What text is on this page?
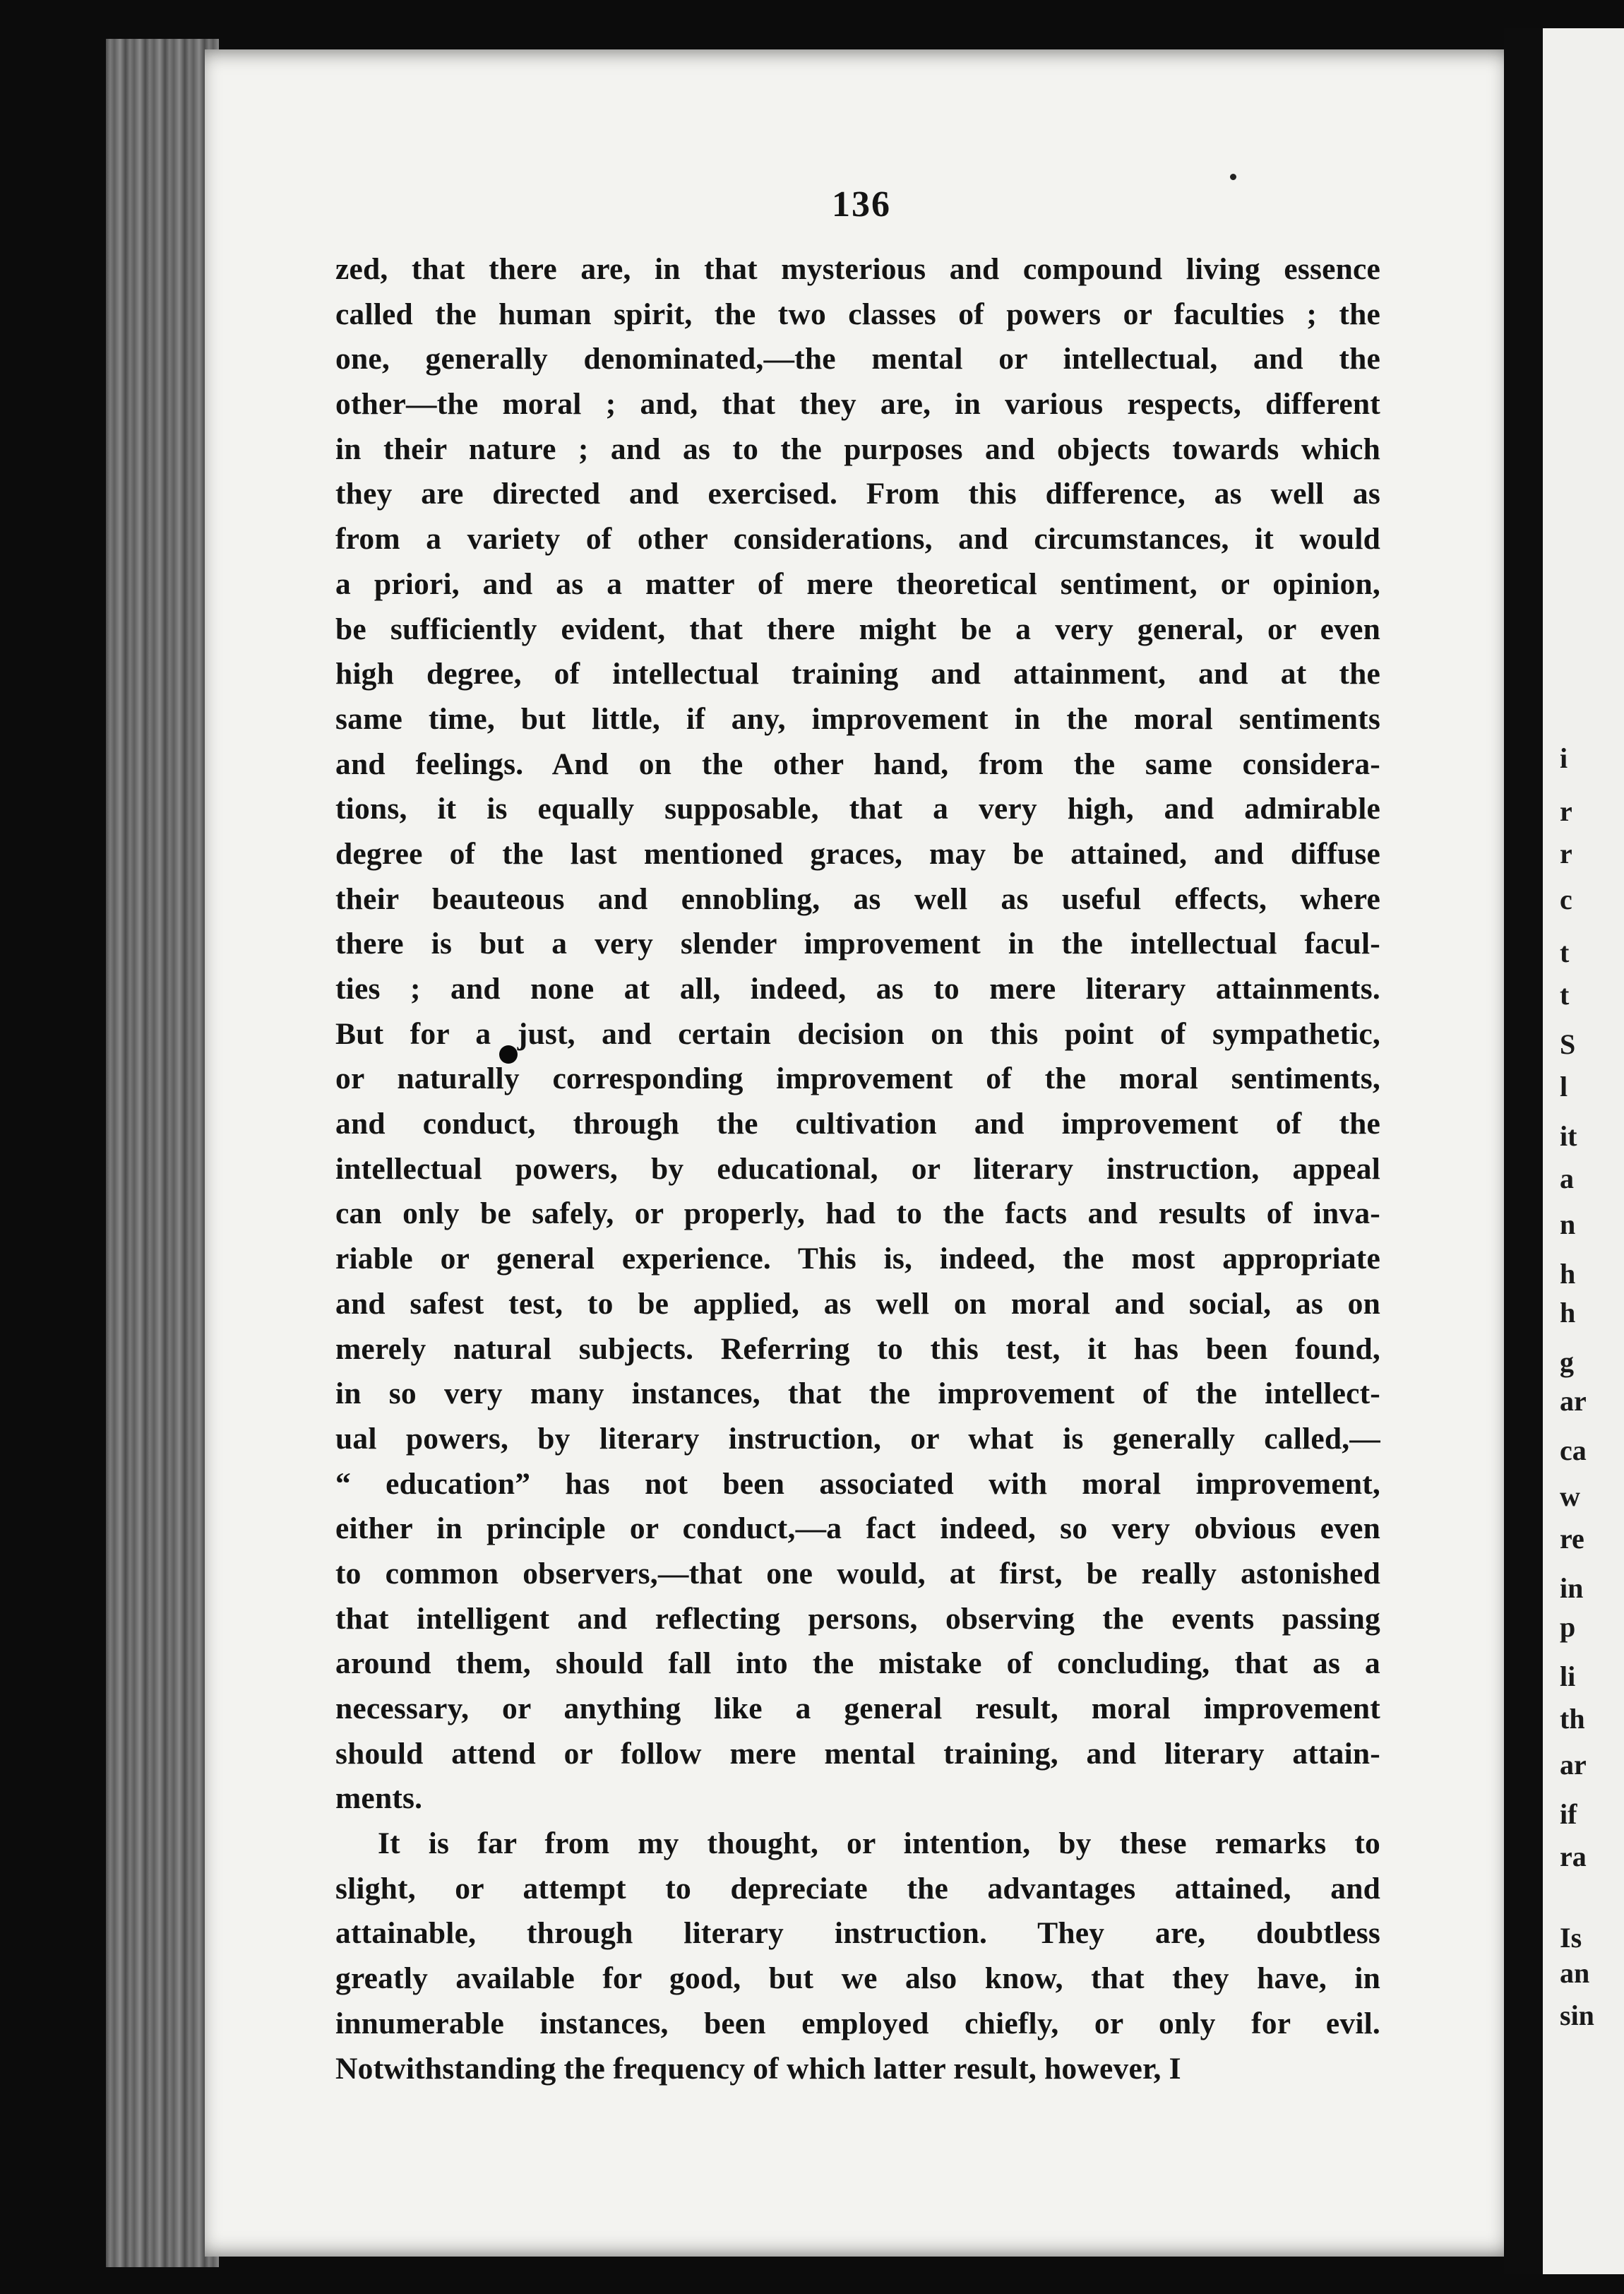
136
i
r
r
c
t
t
S
l
it
a
n
h
h
g
ar
ca
w
re
in
p
li
th
ar
if
ra
Is
an
sin
zed, that there are, in that mysterious and compound living essence
called the human spirit, the two classes of powers or faculties ; the
one, generally denominated,—the mental or intellectual, and the
other—the moral ; and, that they are, in various respects, different
in their nature ; and as to the purposes and objects towards which
they are directed and exercised. From this difference, as well as
from a variety of other considerations, and circumstances, it would
a priori, and as a matter of mere theoretical sentiment, or opinion,
be sufficiently evident, that there might be a very general, or even
high degree, of intellectual training and attainment, and at the
same time, but little, if any, improvement in the moral sentiments
and feelings. And on the other hand, from the same considera-
tions, it is equally supposable, that a very high, and admirable
degree of the last mentioned graces, may be attained, and diffuse
their beauteous and ennobling, as well as useful effects, where
there is but a very slender improvement in the intellectual facul-
ties ; and none at all, indeed, as to mere literary attainments.
But for a just, and certain decision on this point of sympathetic,
or naturally corresponding improvement of the moral sentiments,
and conduct, through the cultivation and improvement of the
intellectual powers, by educational, or literary instruction, appeal
can only be safely, or properly, had to the facts and results of inva-
riable or general experience. This is, indeed, the most appropriate
and safest test, to be applied, as well on moral and social, as on
merely natural subjects. Referring to this test, it has been found,
in so very many instances, that the improvement of the intellect-
ual powers, by literary instruction, or what is generally called,—
“ education” has not been associated with moral improvement,
either in principle or conduct,—a fact indeed, so very obvious even
to common observers,—that one would, at first, be really astonished
that intelligent and reflecting persons, observing the events passing
around them, should fall into the mistake of concluding, that as a
necessary, or anything like a general result, moral improvement
should attend or follow mere mental training, and literary attain-
ments.
It is far from my thought, or intention, by these remarks to
slight, or attempt to depreciate the advantages attained, and
attainable, through literary instruction. They are, doubtless
greatly available for good, but we also know, that they have, in
innumerable instances, been employed chiefly, or only for evil.
Notwithstanding the frequency of which latter result, however, I
